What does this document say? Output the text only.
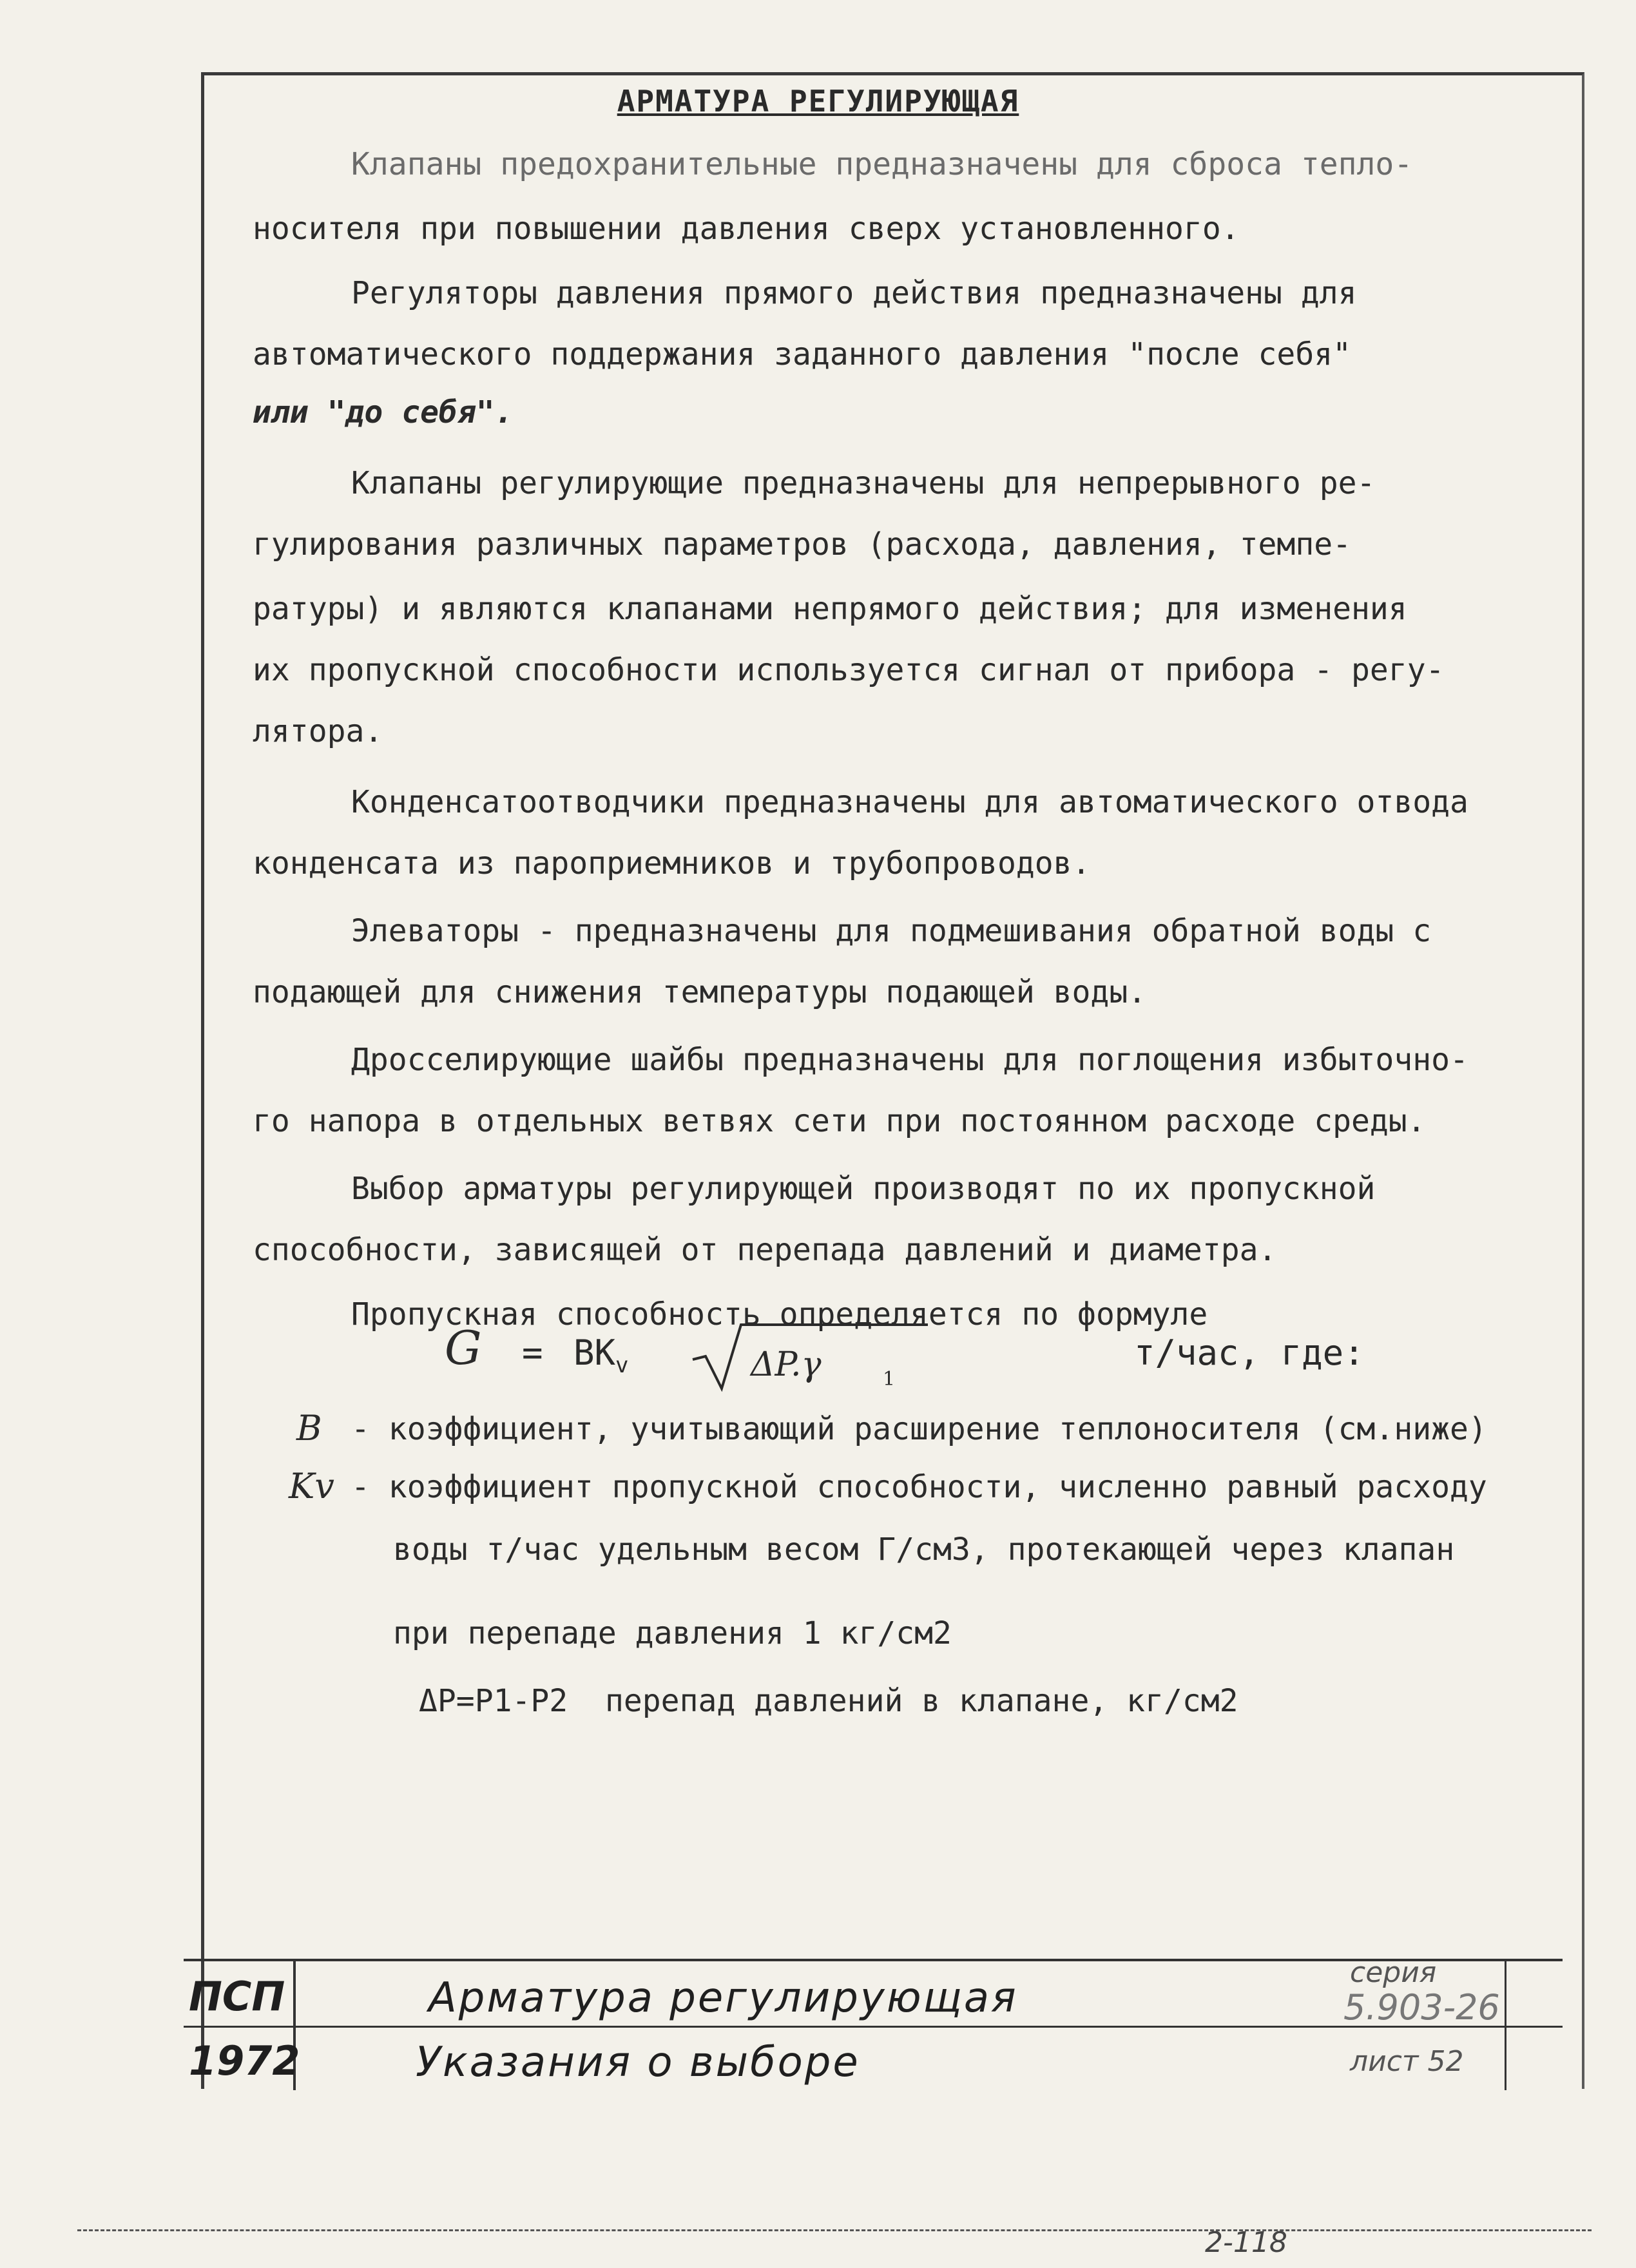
АРМАТУРА РЕГУЛИРУЮЩАЯ
Клапаны предохранительные предназначены для сброса тепло-
носителя при повышении давления сверх установленного.
Регуляторы давления прямого действия предназначены для
автоматического поддержания заданного давления "после себя"
или "до себя".
Клапаны регулирующие предназначены для непрерывного ре-
гулирования различных параметров (расхода, давления, темпе-
ратуры) и являются клапанами непрямого действия; для изменения
их пропускной способности используется сигнал от прибора - регу-
лятора.
Конденсатоотводчики предназначены для автоматического отвода
конденсата из пароприемников и трубопроводов.
Элеваторы - предназначены для подмешивания обратной воды с
подающей для снижения температуры подающей воды.
Дросселирующие шайбы предназначены для поглощения избыточно-
го напора в отдельных ветвях сети при постоянном расходе среды.
Выбор арматуры регулирующей производят по их пропускной
способности, зависящей от перепада давлений и диаметра.
Пропускная способность определяется по формуле
$G = BK_v$	ΔP.γ	1
т/час, где:
B - коэффициент, учитывающий расширение теплоносителя (см.ниже)
Kv - коэффициент пропускной способности, численно равный расходу
воды т/час удельным весом Г/см3, протекающей через клапан
при перепаде давления 1 кг/см2
ΔP=P1-P2  перепад давлений в клапане, кг/см2
ПСП
1972
Арматура регулирующая
Указания о выборе
серия
5.903-26
лист 52
2-118
